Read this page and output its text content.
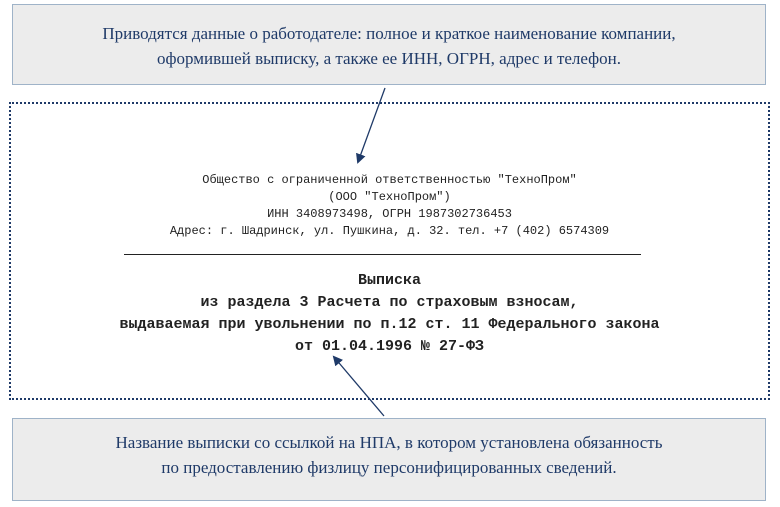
Приводятся данные о работодателе: полное и краткое наименование компании,
оформившей выписку, а также ее ИНН, ОГРН, адрес и телефон.
Общество с ограниченной ответственностью "ТехноПром"
(ООО "ТехноПром")
ИНН 3408973498, ОГРН 1987302736453
Адрес: г. Шадринск, ул. Пушкина, д. 32. тел. +7 (402) 6574309
Выписка
из раздела 3 Расчета по страховым взносам,
выдаваемая при увольнении по п.12 ст. 11 Федерального закона
от 01.04.1996 № 27-ФЗ
Название выписки со ссылкой на НПА, в котором установлена обязанность
по предоставлению физлицу персонифицированных сведений.
